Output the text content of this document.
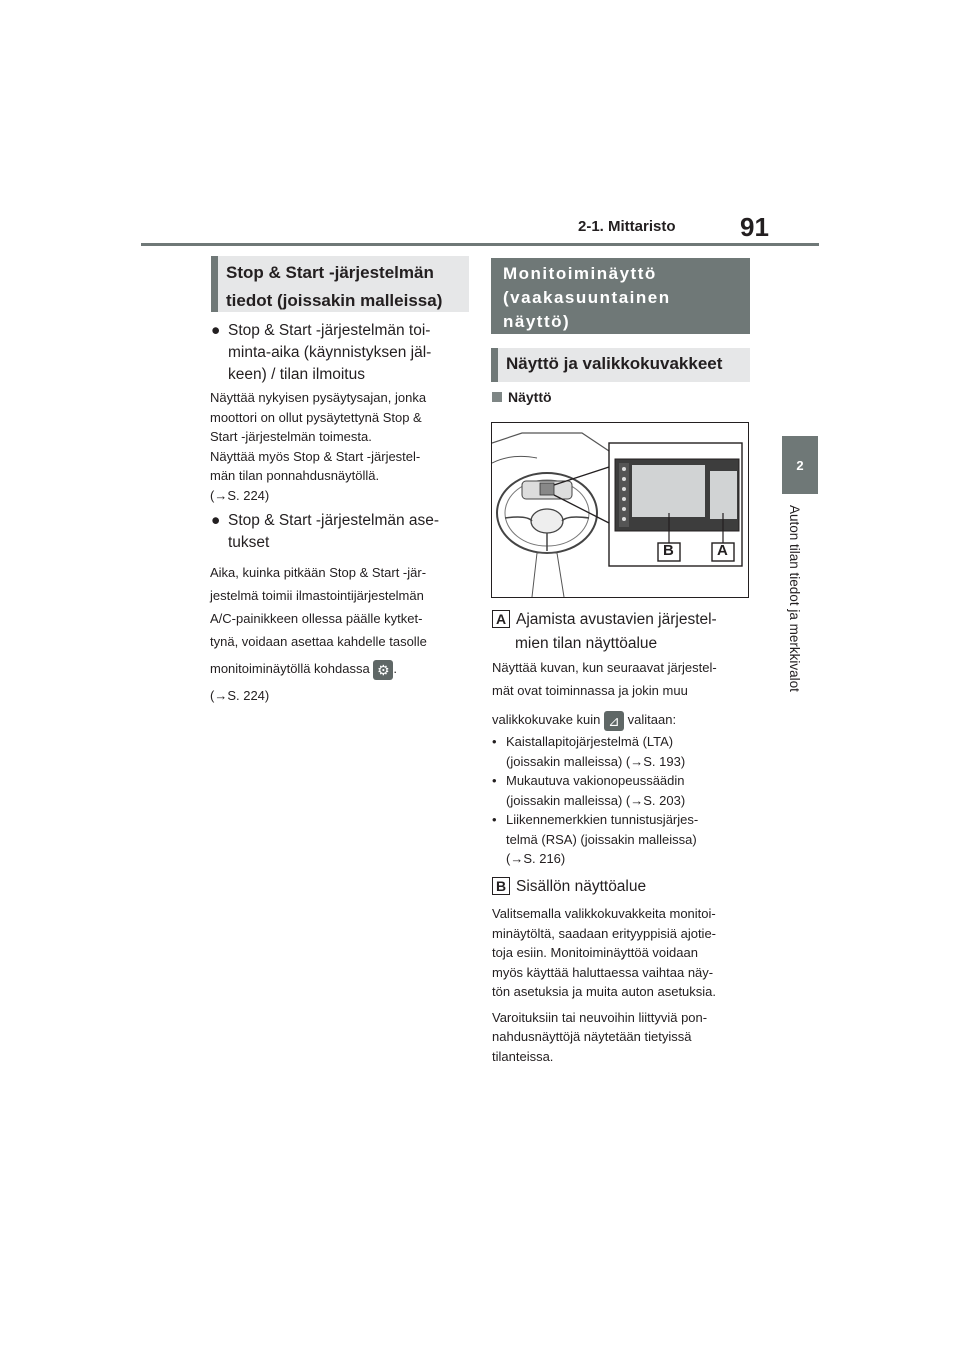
2-1. Mittaristo 91
2
Auton tilan tiedot ja merkkivalot
Stop & Start -järjestelmän
tiedot (joissakin malleissa)
● Stop & Start -järjestelmän toi-
minta-aika (käynnistyksen jäl-
keen) / tilan ilmoitus
Näyttää nykyisen pysäytysajan, jonka
moottori on ollut pysäytettynä Stop &
Start -järjestelmän toimesta.
Näyttää myös Stop & Start -järjestel-
män tilan ponnahdusnäytöllä.
(→S. 224)
● Stop & Start -järjestelmän ase-
tukset
Aika, kuinka pitkään Stop & Start -jär-
jestelmä toimii ilmastointijärjestelmän
A/C-painikkeen ollessa päälle kytket-
tynä, voidaan asettaa kahdelle tasolle
monitoiminäytöllä kohdassa ⚙ .
(→S. 224)
Monitoiminäyttö
(vaakasuuntainen
näyttö)
Näyttö ja valikkokuvakkeet
Näyttö
B	A
A Ajamista avustavien järjestel-
mien tilan näyttöalue
Näyttää kuvan, kun seuraavat järjestel-
mät ovat toiminnassa ja jokin muu
valikkokuvake kuin ⊿ valitaan:
• Kaistallapitojärjestelmä (LTA)
(joissakin malleissa) (→S. 193)
• Mukautuva vakionopeussäädin
(joissakin malleissa) (→S. 203)
• Liikennemerkkien tunnistusjärjes-
telmä (RSA) (joissakin malleissa)
(→S. 216)
B Sisällön näyttöalue
Valitsemalla valikkokuvakkeita monitoi-
minäytöltä, saadaan erityyppisiä ajotie-
toja esiin. Monitoiminäyttöä voidaan
myös käyttää haluttaessa vaihtaa näy-
tön asetuksia ja muita auton asetuksia.
Varoituksiin tai neuvoihin liittyviä pon-
nahdusnäyttöjä näytetään tietyissä
tilanteissa.
